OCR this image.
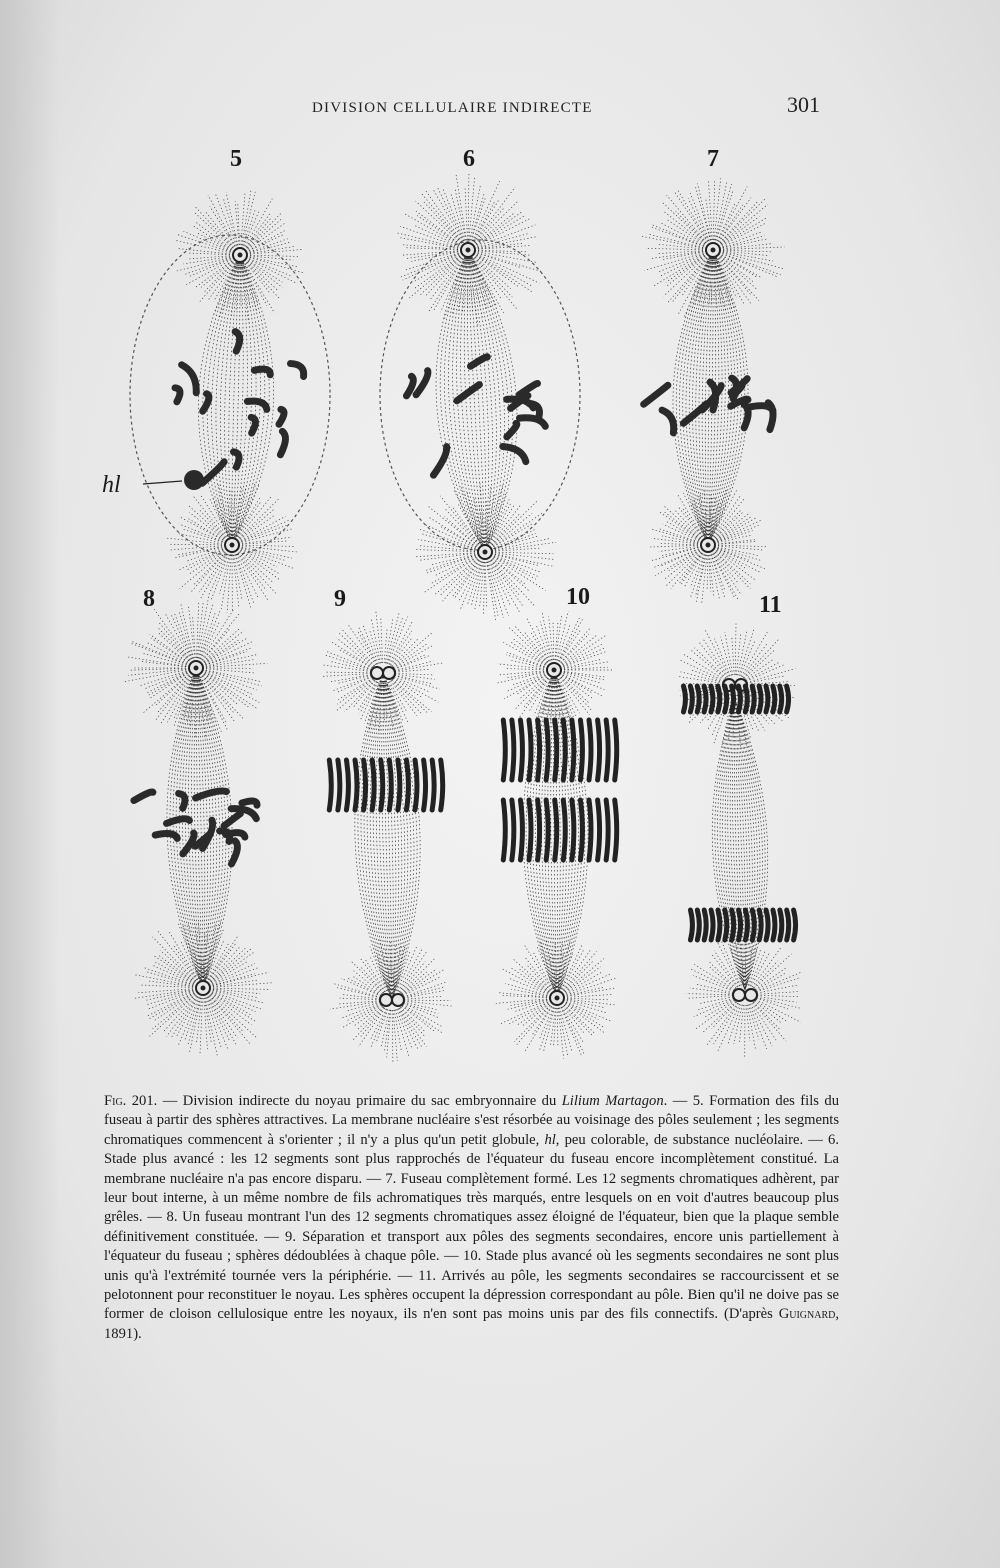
DIVISION CELLULAIRE INDIRECTE	301
5	6	7
8	9	10	11
hl
Fig. 201. — Division indirecte du noyau primaire du sac embryonnaire du Lilium Martagon. — 5. Formation des fils du fuseau à partir des sphères attractives. La membrane nucléaire s'est résorbée au voisinage des pôles seulement ; les segments chromatiques commencent à s'orienter ; il n'y a plus qu'un petit globule, hl, peu colorable, de substance nucléolaire. — 6. Stade plus avancé : les 12 segments sont plus rapprochés de l'équateur du fuseau encore incomplètement constitué. La membrane nucléaire n'a pas encore disparu. — 7. Fuseau complètement formé. Les 12 segments chromatiques adhèrent, par leur bout interne, à un même nombre de fils achromatiques très marqués, entre lesquels on en voit d'autres beaucoup plus grêles. — 8. Un fuseau montrant l'un des 12 segments chromatiques assez éloigné de l'équateur, bien que la plaque semble définitivement constituée. — 9. Séparation et transport aux pôles des segments secondaires, encore unis partiellement à l'équateur du fuseau ; sphères dédoublées à chaque pôle. — 10. Stade plus avancé où les segments secondaires ne sont plus unis qu'à l'extrémité tournée vers la périphérie. — 11. Arrivés au pôle, les segments secondaires se raccourcissent et se pelotonnent pour reconstituer le noyau. Les sphères occupent la dépression correspondant au pôle. Bien qu'il ne doive pas se former de cloison cellulosique entre les noyaux, ils n'en sont pas moins unis par des fils connectifs. (D'après Guignard, 1891).
